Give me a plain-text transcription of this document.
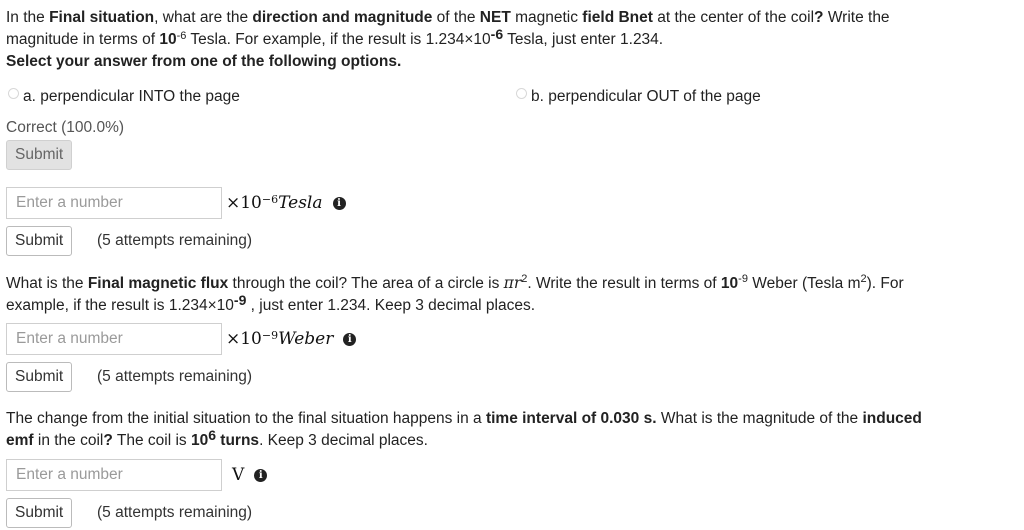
In the Final situation, what are the direction and magnitude of the NET magnetic field Bnet at the center of the coil? Write the
magnitude in terms of $10^{-6}$ Tesla. For example, if the result is $1.234\times 10^{-6}$ Tesla, just enter 1.234.
Select your answer from one of the following options.
a. perpendicular INTO the page	b. perpendicular OUT of the page
Correct (100.0%)
Submit
Enter a number
$\times 10^{-6}$ Tesla	i
Submit	(5 attempts remaining)
What is the Final magnetic flux through the coil? The area of a circle is $\pi r^2$. Write the result in terms of $10^{-9}$ Weber (Tesla $m^2$). For
example, if the result is $1.234\times 10^{-9}$ , just enter 1.234. Keep 3 decimal places.
Enter a number
$\times 10^{-9}$ Weber	i
Submit	(5 attempts remaining)
The change from the initial situation to the final situation happens in a time interval of 0.030 s. What is the magnitude of the induced
emf in the coil? The coil is $10^6$ turns. Keep 3 decimal places.
Enter a number
V	i
Submit	(5 attempts remaining)
